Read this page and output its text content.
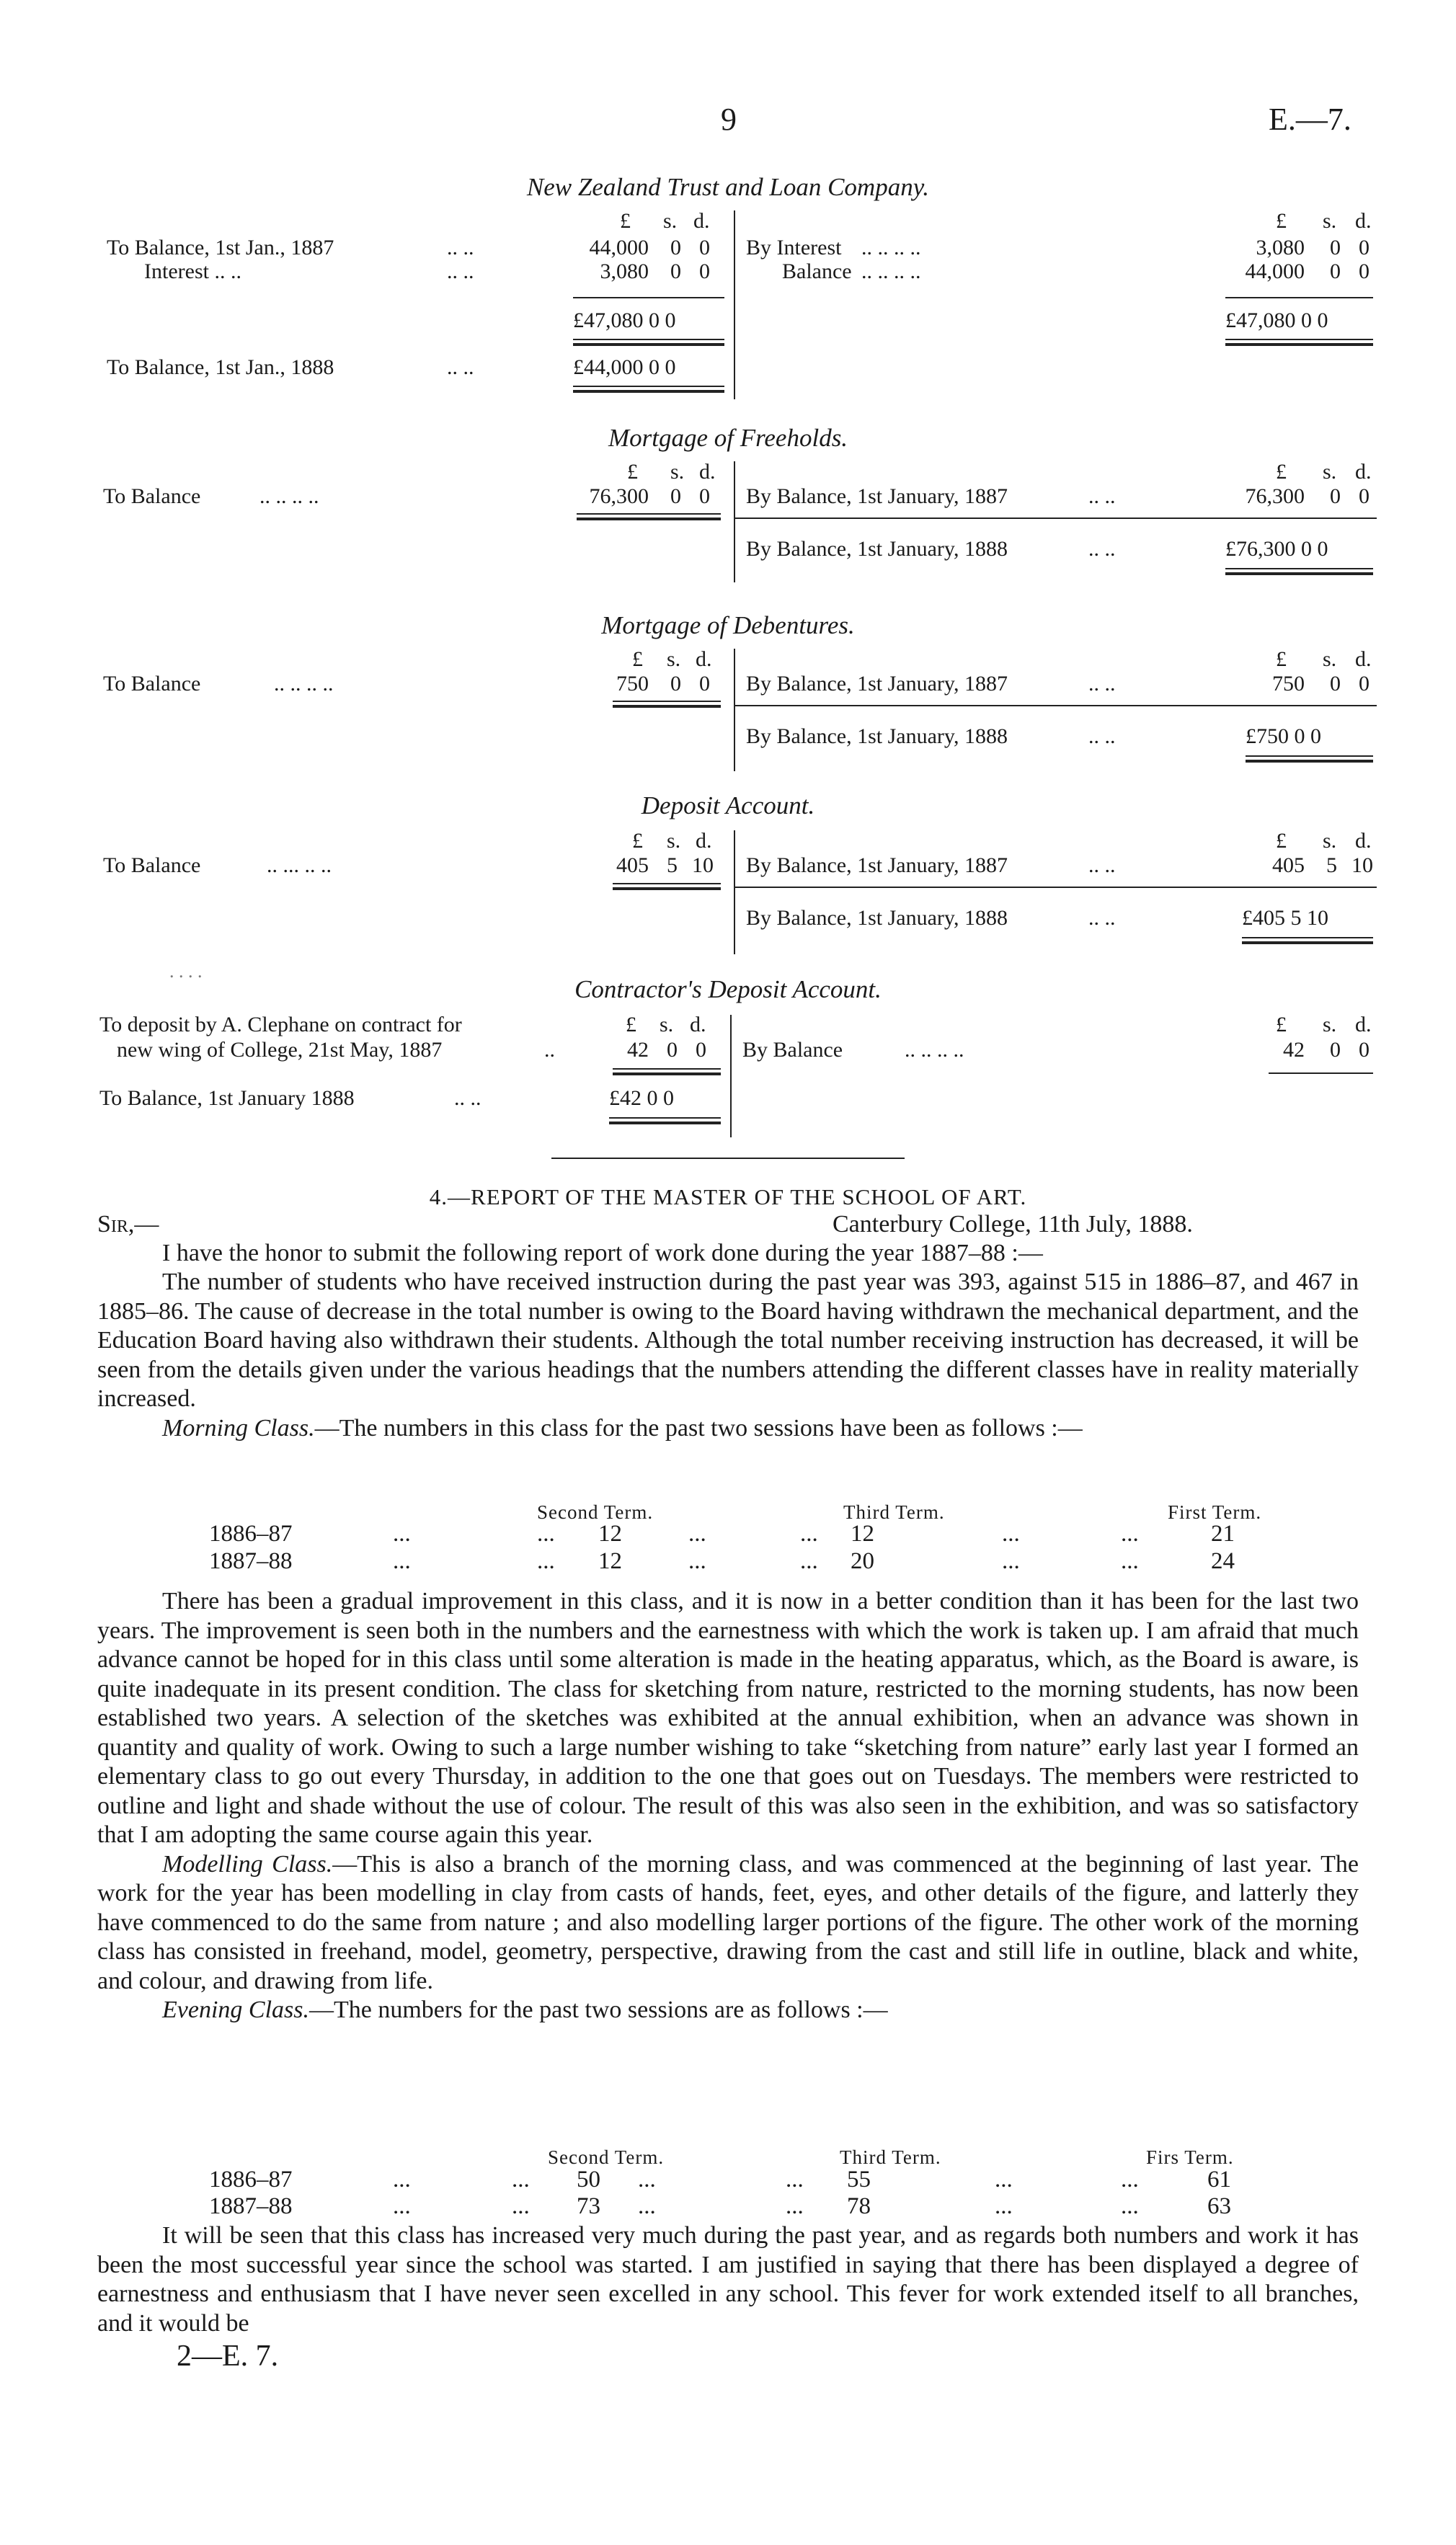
9	E.—7.
New Zealand Trust and Loan Company.
£ s. d.	£ s. d.
To Balance, 1st Jan., 1887	.. ..	44,000 0 0
Interest .. ..	.. ..	3,080 0 0
£47,080 0 0
To Balance, 1st Jan., 1888	.. ..	£44,000 0 0
By Interest .. .. .. ..	3,080 0 0
Balance .. .. .. ..	44,000 0 0
£47,080 0 0
Mortgage of Freeholds.
£ s. d.	£ s. d.
To Balance	.. .. .. ..	76,300 0 0 By Balance, 1st January, 1887	.. ..	76,300 0 0
By Balance, 1st January, 1888	.. ..	£76,300 0 0
Mortgage of Debentures.
£ s. d.	£ s. d.
To Balance	.. .. .. ..	750 0 0 By Balance, 1st January, 1887	.. ..	750 0 0
By Balance, 1st January, 1888	.. ..	£750 0 0
Deposit Account.
£ s. d.	£ s. d.
To Balance	.. ... .. ..	405 5 10 By Balance, 1st January, 1887	.. ..	405 5 10
By Balance, 1st January, 1888	.. ..	£405 5 10
. . . .
Contractor's Deposit Account.
£ s. d.	£ s. d.
To deposit by A. Clephane on contract for
new wing of College, 21st May, 1887	..	42 0 0
To Balance, 1st January 1888	.. ..	£42 0 0
By Balance	.. .. .. ..	42 0 0
4.—REPORT OF THE MASTER OF THE SCHOOL OF ART.
Sir,—	Canterbury College, 11th July, 1888.
I have the honor to submit the following report of work done during the year 1887–88 :—

The number of students who have received instruction during the past year was 393, against 515 in 1886–87, and 467 in 1885–86. The cause of decrease in the total number is owing to the Board having withdrawn the mechanical department, and the Education Board having also withdrawn their students. Although the total number receiving instruction has decreased, it will be seen from the details given under the various headings that the numbers attending the different classes have in reality materially increased.

Morning Class.—The numbers in this class for the past two sessions have been as follows :—

Second Term.	Third Term.	First Term.
1886–87	...	... 12	...	... 12	...	...	21
1887–88	...	... 12	...	... 20	...	...	24

There has been a gradual improvement in this class, and it is now in a better condition than it has been for the last two years. The improvement is seen both in the numbers and the earnestness with which the work is taken up. I am afraid that much advance cannot be hoped for in this class until some alteration is made in the heating apparatus, which, as the Board is aware, is quite inadequate in its present condition. The class for sketching from nature, restricted to the morning students, has now been established two years. A selection of the sketches was exhibited at the annual exhibition, when an advance was shown in quantity and quality of work. Owing to such a large number wishing to take “sketching from nature” early last year I formed an elementary class to go out every Thursday, in addition to the one that goes out on Tuesdays. The members were restricted to outline and light and shade without the use of colour. The result of this was also seen in the exhibition, and was so satisfactory that I am adopting the same course again this year.

Modelling Class.—This is also a branch of the morning class, and was commenced at the beginning of last year. The work for the year has been modelling in clay from casts of hands, feet, eyes, and other details of the figure, and latterly they have commenced to do the same from nature ; and also modelling larger portions of the figure. The other work of the morning class has consisted in freehand, model, geometry, perspective, drawing from the cast and still life in outline, black and white, and colour, and drawing from life.

Evening Class.—The numbers for the past two sessions are as follows :—

Second Term.	Third Term.	Firs Term.
1886–87	...	... 50 ...	... 55	...	...	61
1887–88	...	... 73 ...	... 78	...	...	63

It will be seen that this class has increased very much during the past year, and as regards both numbers and work it has been the most successful year since the school was started. I am justified in saying that there has been displayed a degree of earnestness and enthusiasm that I have never seen excelled in any school. This fever for work extended itself to all branches, and it would be

2—E. 7.
